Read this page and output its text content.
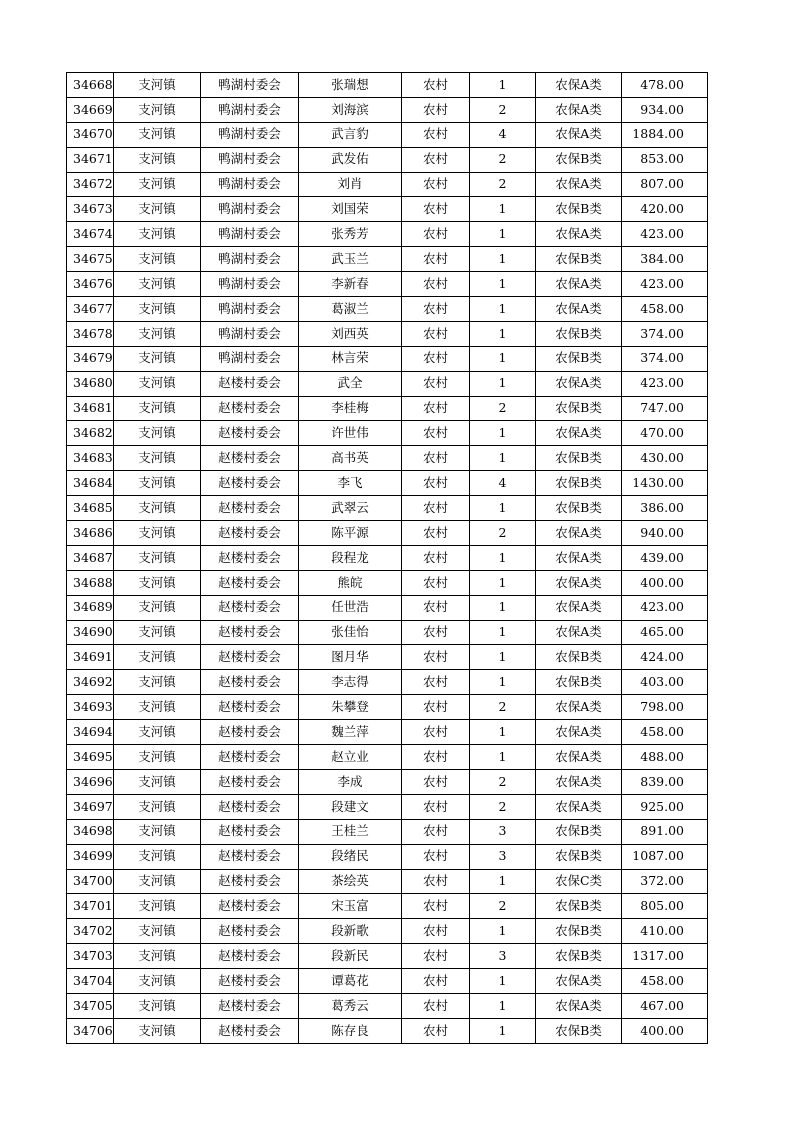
34668	支河镇	鸭湖村委会	张瑞想	农村	1	农保A类	478.00
34669	支河镇	鸭湖村委会	刘海滨	农村	2	农保A类	934.00
34670	支河镇	鸭湖村委会	武言豹	农村	4	农保A类	1884.00
34671	支河镇	鸭湖村委会	武发佑	农村	2	农保B类	853.00
34672	支河镇	鸭湖村委会	刘肖	农村	2	农保A类	807.00
34673	支河镇	鸭湖村委会	刘国荣	农村	1	农保B类	420.00
34674	支河镇	鸭湖村委会	张秀芳	农村	1	农保A类	423.00
34675	支河镇	鸭湖村委会	武玉兰	农村	1	农保B类	384.00
34676	支河镇	鸭湖村委会	李新春	农村	1	农保A类	423.00
34677	支河镇	鸭湖村委会	葛淑兰	农村	1	农保A类	458.00
34678	支河镇	鸭湖村委会	刘西英	农村	1	农保B类	374.00
34679	支河镇	鸭湖村委会	林言荣	农村	1	农保B类	374.00
34680	支河镇	赵楼村委会	武全	农村	1	农保A类	423.00
34681	支河镇	赵楼村委会	李桂梅	农村	2	农保B类	747.00
34682	支河镇	赵楼村委会	许世伟	农村	1	农保A类	470.00
34683	支河镇	赵楼村委会	高书英	农村	1	农保B类	430.00
34684	支河镇	赵楼村委会	李飞	农村	4	农保B类	1430.00
34685	支河镇	赵楼村委会	武翠云	农村	1	农保B类	386.00
34686	支河镇	赵楼村委会	陈平源	农村	2	农保A类	940.00
34687	支河镇	赵楼村委会	段程龙	农村	1	农保A类	439.00
34688	支河镇	赵楼村委会	熊皖	农村	1	农保A类	400.00
34689	支河镇	赵楼村委会	任世浩	农村	1	农保A类	423.00
34690	支河镇	赵楼村委会	张佳怡	农村	1	农保A类	465.00
34691	支河镇	赵楼村委会	图月华	农村	1	农保B类	424.00
34692	支河镇	赵楼村委会	李志得	农村	1	农保B类	403.00
34693	支河镇	赵楼村委会	朱攀登	农村	2	农保A类	798.00
34694	支河镇	赵楼村委会	魏兰萍	农村	1	农保A类	458.00
34695	支河镇	赵楼村委会	赵立业	农村	1	农保A类	488.00
34696	支河镇	赵楼村委会	李成	农村	2	农保A类	839.00
34697	支河镇	赵楼村委会	段建文	农村	2	农保A类	925.00
34698	支河镇	赵楼村委会	王桂兰	农村	3	农保B类	891.00
34699	支河镇	赵楼村委会	段绪民	农村	3	农保B类	1087.00
34700	支河镇	赵楼村委会	茶绘英	农村	1	农保C类	372.00
34701	支河镇	赵楼村委会	宋玉富	农村	2	农保B类	805.00
34702	支河镇	赵楼村委会	段新歌	农村	1	农保B类	410.00
34703	支河镇	赵楼村委会	段新民	农村	3	农保B类	1317.00
34704	支河镇	赵楼村委会	谭葛花	农村	1	农保A类	458.00
34705	支河镇	赵楼村委会	葛秀云	农村	1	农保A类	467.00
34706	支河镇	赵楼村委会	陈存良	农村	1	农保B类	400.00
